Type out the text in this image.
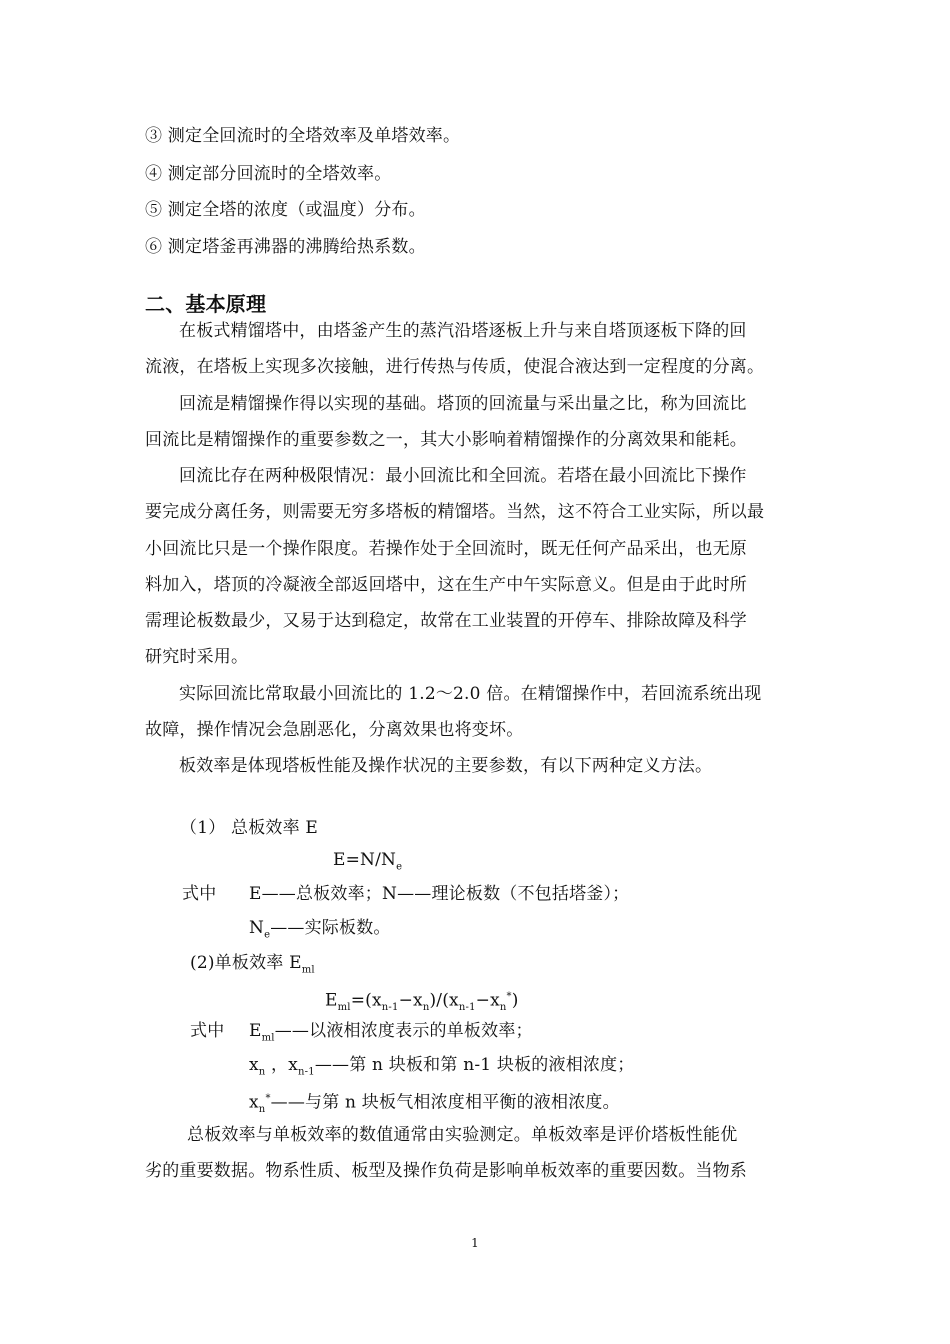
③ 测定全回流时的全塔效率及单塔效率。
④ 测定部分回流时的全塔效率。
⑤ 测定全塔的浓度（或温度）分布。
⑥ 测定塔釜再沸器的沸腾给热系数。
二、基本原理
在板式精馏塔中，由塔釜产生的蒸汽沿塔逐板上升与来自塔顶逐板下降的回
流液，在塔板上实现多次接触，进行传热与传质，使混合液达到一定程度的分离。
回流是精馏操作得以实现的基础。塔顶的回流量与采出量之比，称为回流比
回流比是精馏操作的重要参数之一，其大小影响着精馏操作的分离效果和能耗。
回流比存在两种极限情况：最小回流比和全回流。若塔在最小回流比下操作
要完成分离任务，则需要无穷多塔板的精馏塔。当然，这不符合工业实际，所以最
小回流比只是一个操作限度。若操作处于全回流时，既无任何产品采出，也无原
料加入，塔顶的冷凝液全部返回塔中，这在生产中午实际意义。但是由于此时所
需理论板数最少，又易于达到稳定，故常在工业装置的开停车、排除故障及科学
研究时采用。
实际回流比常取最小回流比的 1.2～2.0 倍。在精馏操作中，若回流系统出现
故障，操作情况会急剧恶化，分离效果也将变坏。
板效率是体现塔板性能及操作状况的主要参数，有以下两种定义方法。
（1） 总板效率 E
$E=N/N_e$
式中 E——总板效率；N——理论板数（不包括塔釜）；
$N_e——$实际板数。
(2)单板效率 $E_{ml}$
$E_{ml}=(x_{n-1}-x_n)/(x_{n-1}-x_n^*)$
式中 $E_{ml}——$以液相浓度表示的单板效率；
$x_n$ ，$x_{n-1}——$第 n 块板和第 n-1 块板的液相浓度；
$x_n^*——$与第 n 块板气相浓度相平衡的液相浓度。
总板效率与单板效率的数值通常由实验测定。单板效率是评价塔板性能优
劣的重要数据。物系性质、板型及操作负荷是影响单板效率的重要因数。当物系
1
